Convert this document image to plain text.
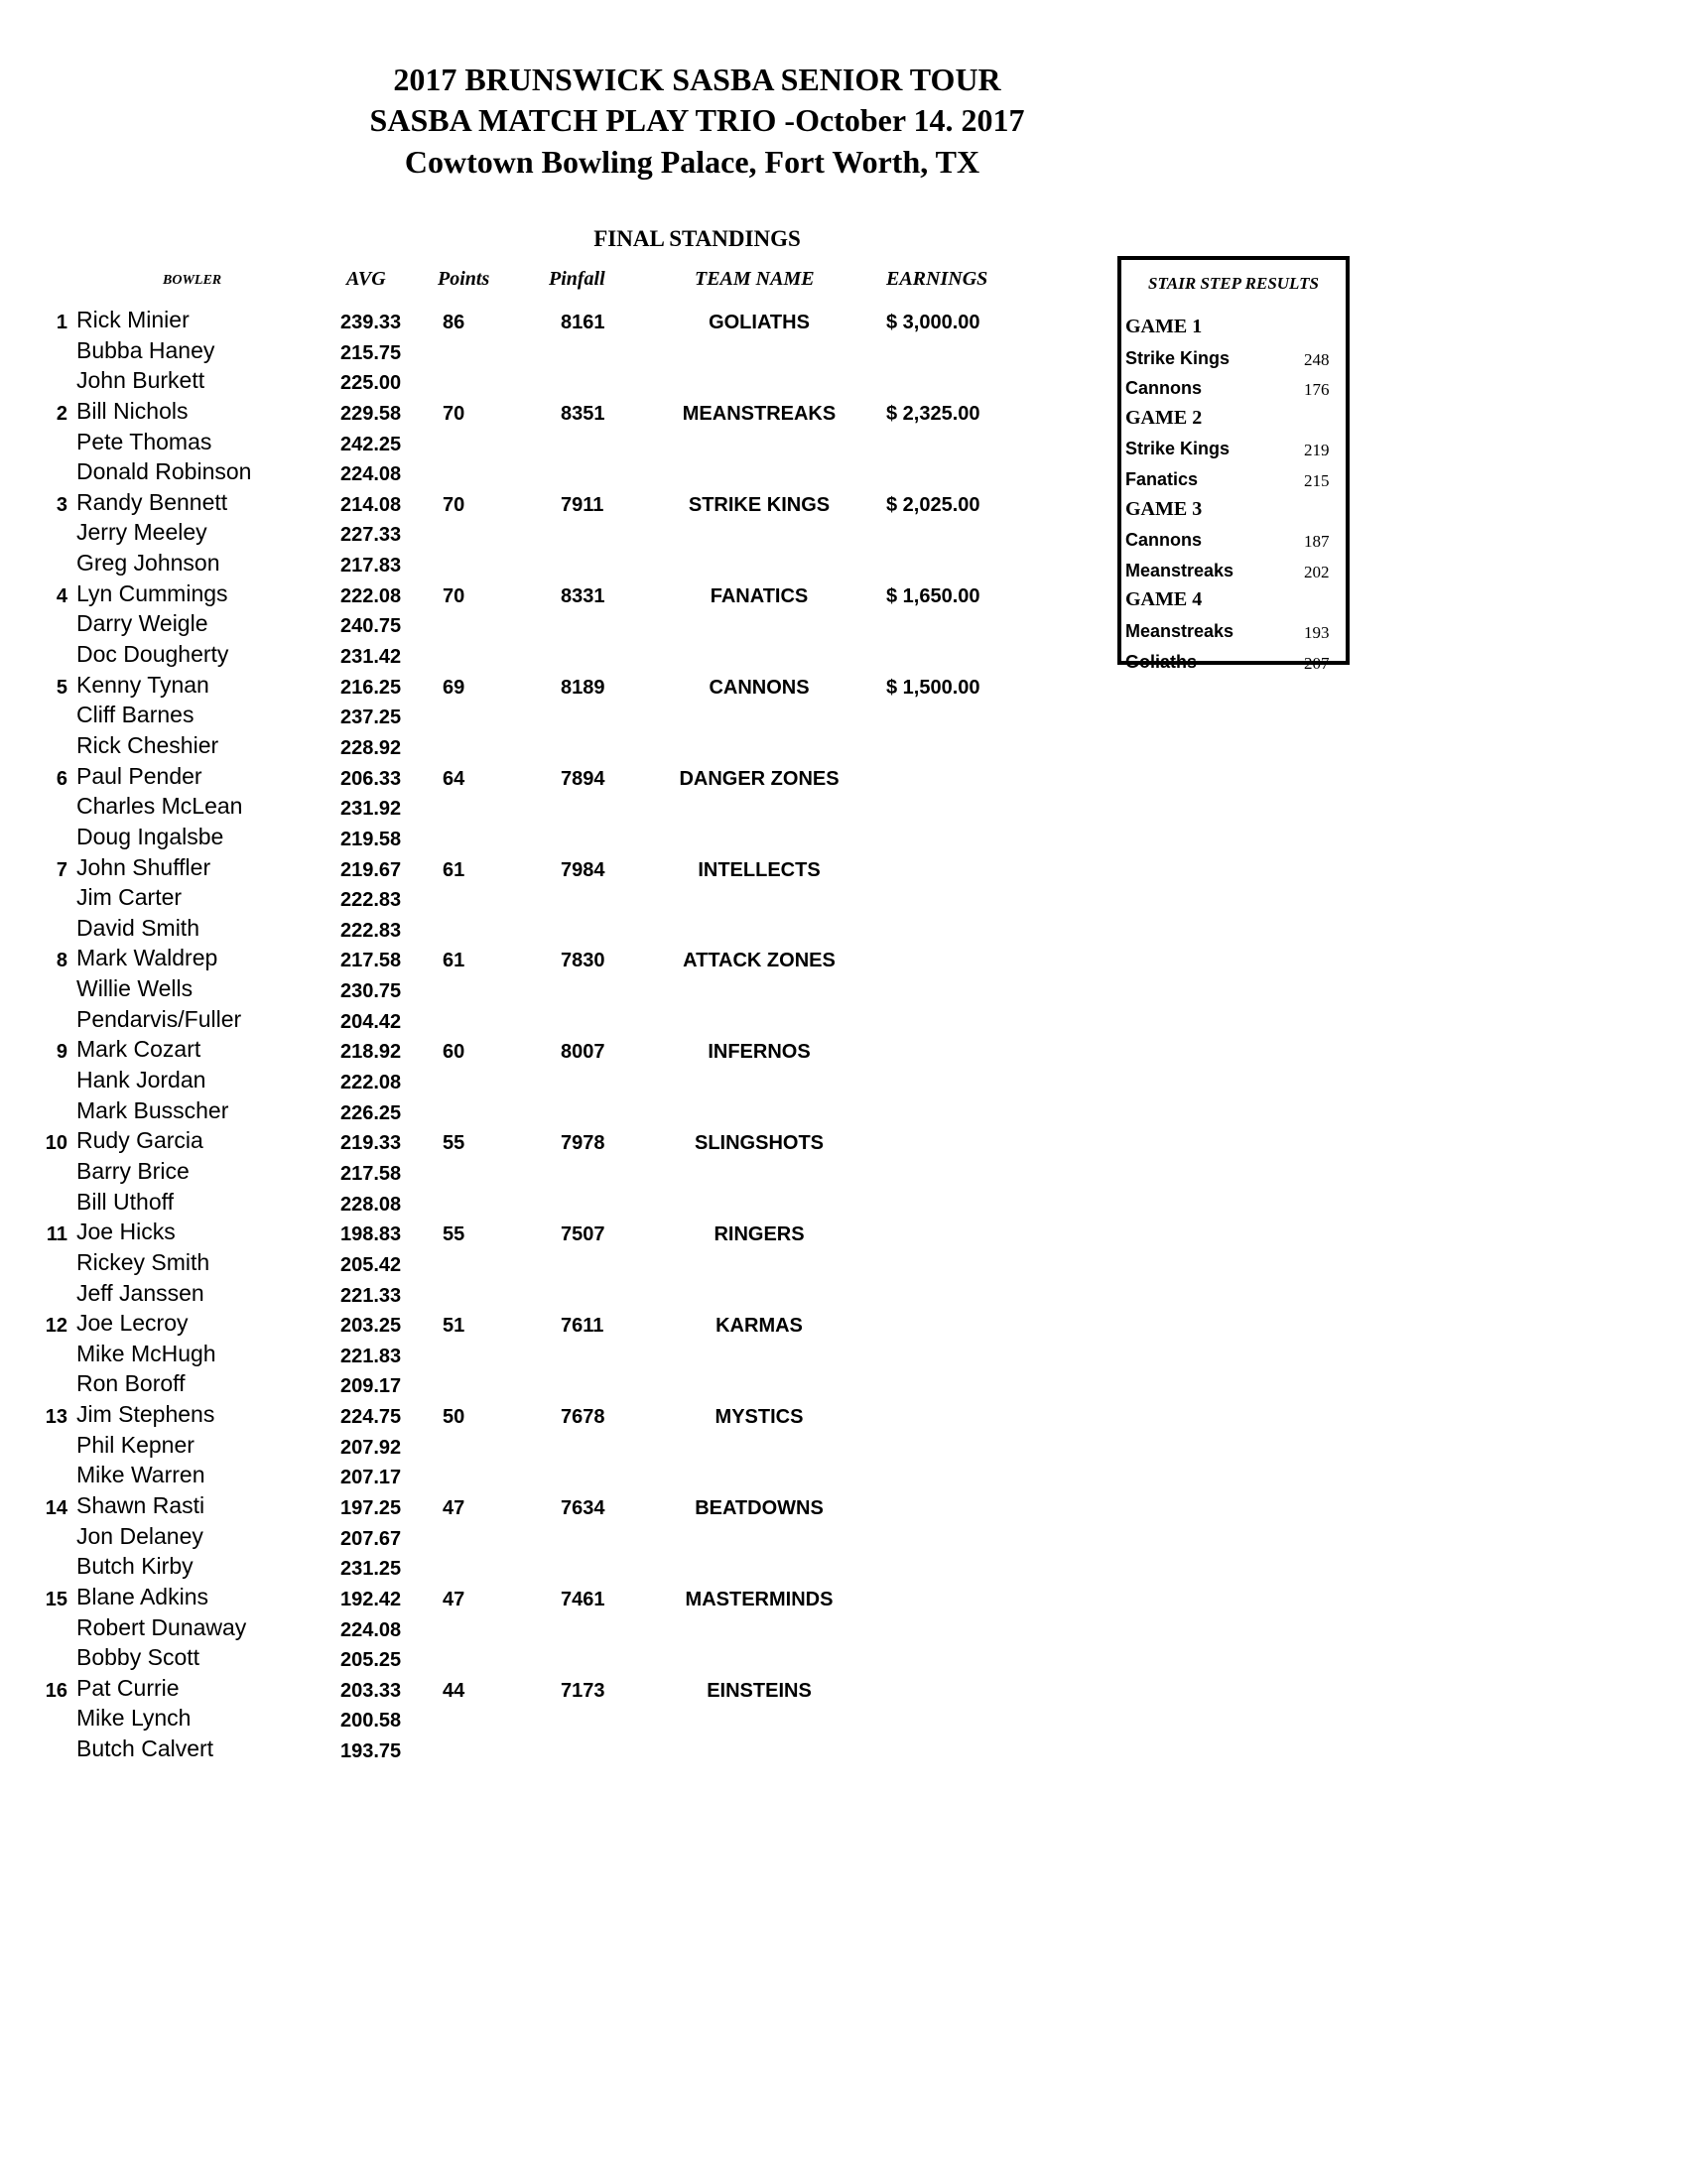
2017 BRUNSWICK SASBA SENIOR TOUR
SASBA MATCH PLAY TRIO -October 14. 2017
Cowtown Bowling Palace, Fort Worth, TX
FINAL STANDINGS
BOWLER	AVG	Points	Pinfall	TEAM NAME	EARNINGS
1 Rick Minier	239.33 86	8161	GOLIATHS	$ 3,000.00
Bubba Haney	215.75
John Burkett	225.00
2 Bill Nichols	229.58 70	8351	MEANSTREAKS	$ 2,325.00
Pete Thomas	242.25
Donald Robinson	224.08
3 Randy Bennett	214.08 70	7911	STRIKE KINGS	$ 2,025.00
Jerry Meeley	227.33
Greg Johnson	217.83
4 Lyn Cummings	222.08 70	8331	FANATICS	$ 1,650.00
Darry Weigle	240.75
Doc Dougherty	231.42
5 Kenny Tynan	216.25 69	8189	CANNONS	$ 1,500.00
Cliff Barnes	237.25
Rick Cheshier	228.92
6 Paul Pender	206.33 64	7894	DANGER ZONES
Charles McLean	231.92
Doug Ingalsbe	219.58
7 John Shuffler	219.67 61	7984	INTELLECTS
Jim Carter	222.83
David Smith	222.83
8 Mark Waldrep	217.58 61	7830	ATTACK ZONES
Willie Wells	230.75
Pendarvis/Fuller	204.42
9 Mark Cozart	218.92 60	8007	INFERNOS
Hank Jordan	222.08
Mark Busscher	226.25
10 Rudy Garcia	219.33 55	7978	SLINGSHOTS
Barry Brice	217.58
Bill Uthoff	228.08
11 Joe Hicks	198.83 55	7507	RINGERS
Rickey Smith	205.42
Jeff Janssen	221.33
12 Joe Lecroy	203.25 51	7611	KARMAS
Mike McHugh	221.83
Ron Boroff	209.17
13 Jim Stephens	224.75 50	7678	MYSTICS
Phil Kepner	207.92
Mike Warren	207.17
14 Shawn Rasti	197.25 47	7634	BEATDOWNS
Jon Delaney	207.67
Butch Kirby	231.25
15 Blane Adkins	192.42 47	7461	MASTERMINDS
Robert Dunaway	224.08
Bobby Scott	205.25
16 Pat Currie	203.33 44	7173	EINSTEINS
Mike Lynch	200.58
Butch Calvert	193.75
STAIR STEP RESULTS
GAME 1
Strike Kings	248
Cannons	176
GAME 2
Strike Kings	219
Fanatics	215
GAME 3
Cannons	187
Meanstreaks	202
GAME 4
Meanstreaks	193
Goliaths	207
